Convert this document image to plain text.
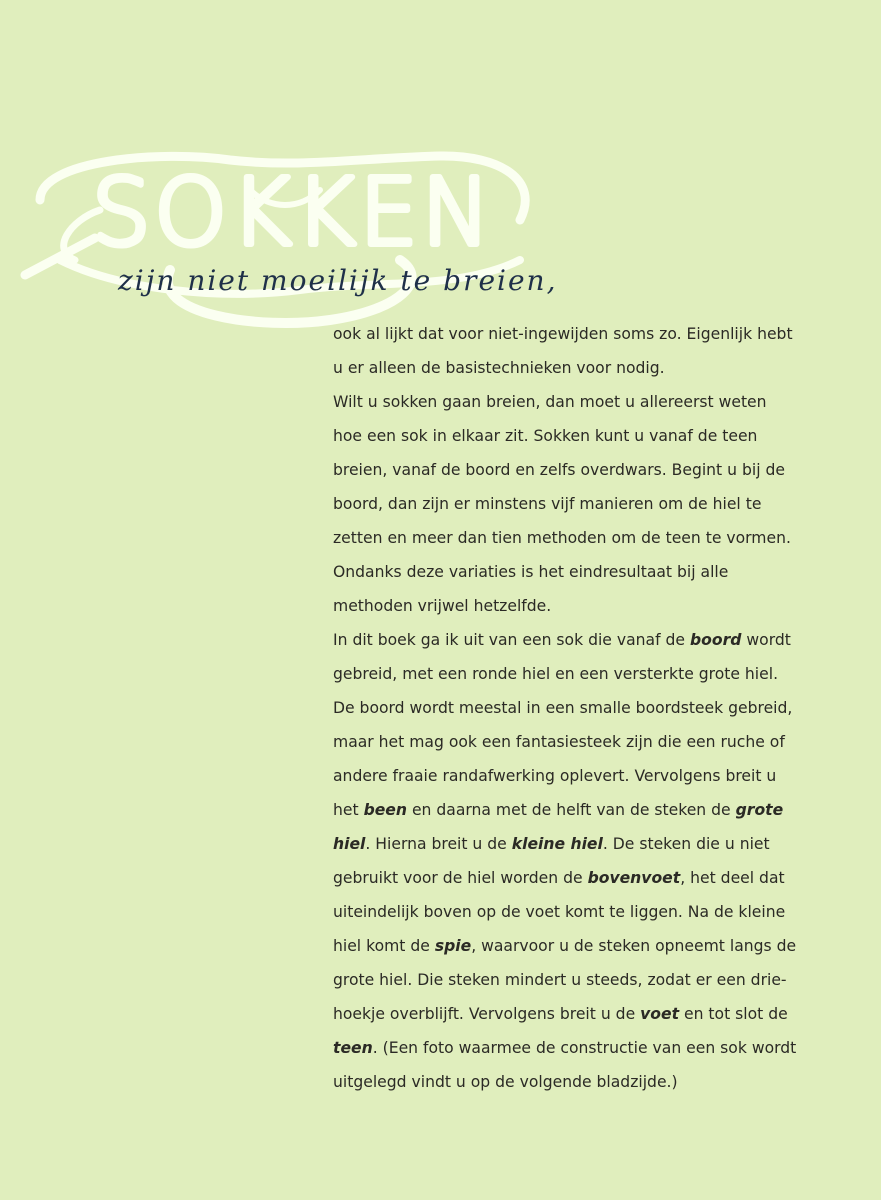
SOKKEN
zijn niet moeilijk te breien,

ook al lijkt dat voor niet-ingewijden soms zo. Eigenlijk hebt
u er alleen de basistechnieken voor nodig.

Wilt u sokken gaan breien, dan moet u allereerst weten
hoe een sok in elkaar zit. Sokken kunt u vanaf de teen
breien, vanaf de boord en zelfs overdwars. Begint u bij de
boord, dan zijn er minstens vijf manieren om de hiel te
zetten en meer dan tien methoden om de teen te vormen.
Ondanks deze variaties is het eindresultaat bij alle
methoden vrijwel hetzelfde.

In dit boek ga ik uit van een sok die vanaf de boord wordt
gebreid, met een ronde hiel en een versterkte grote hiel.
De boord wordt meestal in een smalle boordsteek gebreid,
maar het mag ook een fantasiesteek zijn die een ruche of
andere fraaie randafwerking oplevert. Vervolgens breit u
het been en daarna met de helft van de steken de grote
hiel. Hierna breit u de kleine hiel. De steken die u niet
gebruikt voor de hiel worden de bovenvoet, het deel dat
uiteindelijk boven op de voet komt te liggen. Na de kleine
hiel komt de spie, waarvoor u de steken opneemt langs de
grote hiel. Die steken mindert u steeds, zodat er een drie-
hoekje overblijft. Vervolgens breit u de voet en tot slot de
teen. (Een foto waarmee de constructie van een sok wordt
uitgelegd vindt u op de volgende bladzijde.)
